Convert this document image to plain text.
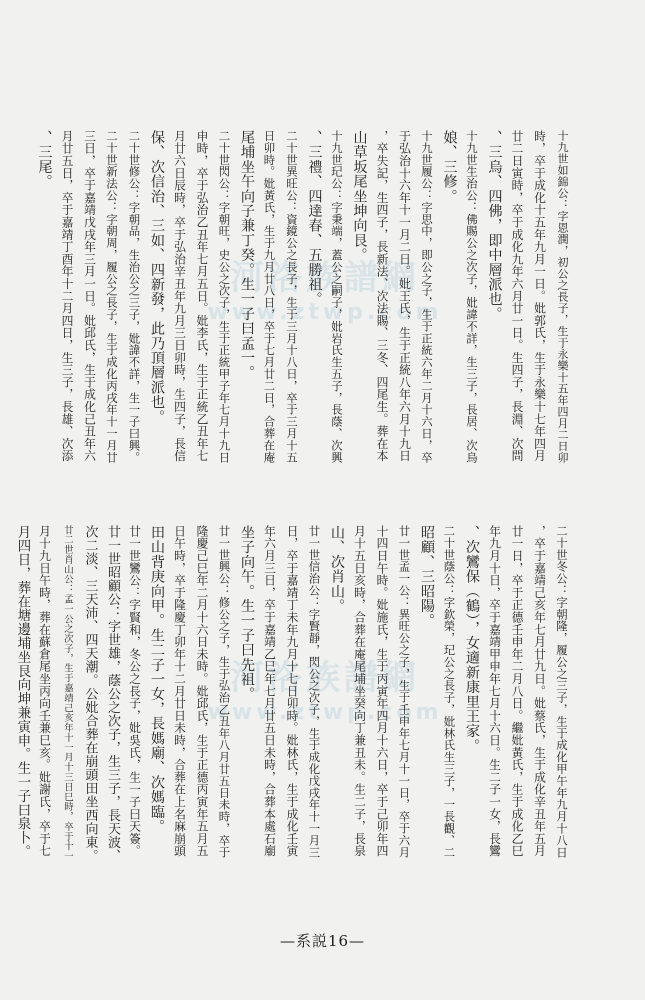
河洛族譜網
www.ztwp.com
河洛族譜網
www.ztwp.com
十九世如錦公：字恩潤，初公之長子，生于永樂十五年四月二日卯
時，卒于成化十五年九月一日。妣郭氏，生于永樂十七年四月
廿二日寅時，卒于成化九年六月廿一日。生四子，長淵、次問
、三烏、四佛，即中層派也。
十九世生治公：佛賜公之次子，妣諱不詳，生三子，長居、次烏
娘、三修。
十九世履公：字思中，即公之子，生于正統六年二月十六日，卒
于弘治十六年十一月二日。妣王氏，生于正統八年六月十九日
，卒失記，生四子，長新法、次法賜、三冬、四尾生。葬在本
山草坂尾坐坤向艮。
十九世玘公：字秉端，蓋公之嗣子，妣岩氏生五子，長蔭、次興
、三禮、四達春、五勝祖。
二十世異旺公：資鏡公之長子，生于三月十八日，卒于三月十五
日卯時。妣黃氏，生于九月廿八日，卒于七月廿二日，合葬在庵
尾埔坐午向子兼丁癸。生一子曰孟一。
二十世閃公：字朝旺，史公之次子，生于正統甲子年七月十九日
申時，卒于弘治乙丑年七月五日。妣李氏，生于正統乙丑年七
月廿六日辰時，卒于弘治辛丑年九月三日卯時，生四子，長信
保、次信治、三如、四新發，此乃頂層派也。
二十世修公：字朝品，生治公之三子，妣諱不詳，生一子曰興。
二十世新法公：字朝周，履公之長子，生于成化丙戌年十一月廿
三日，卒于嘉靖戊戌年三月一日。妣邱氏，生于成化己丑年六
月廿五日，卒于嘉靖丁酉年十二月四日，生三子，長雄、次添
、三尾。
二十世冬公：字朝隆，履公之三子，生于成化甲午年九月十八日
，卒于嘉靖己亥年七月廿九日。妣蔡氏，生于成化辛丑年五月
廿一日，卒于正德壬申年二月八日。繼妣黃氏，生于成化乙巳
年九月十日，卒于嘉靖甲申年七月十六日。生二子一女，長鸞
、次鸞保（鶴），女適新康里王家。
二十世蔭公：字欽榮，玘公之長子，妣林氏生三子，一長觀、二
昭顧、三昭陽。
廿一世孟一公：異旺公之子，生于壬申年七月十一日，卒于六月
十四日午時。妣施氏，生于丙寅年四月十六日，卒于己卯年四
月十五日亥時，合葬在庵尾埔坐癸向丁兼丑未。生二子，長泉
山、次肖山。
廿一世信治公：字賢靜，閃公之次子，生于成化戊戌年十一月三
日，卒于嘉靖丁未年九月十七日卯時。妣林氏，生于成化壬寅
年六月三日，卒于嘉靖乙巳年七月廿五日未時，合葬本處石廟
坐子向午。生一子曰先祖。
廿一世興公：修公之子，生于弘治乙丑年八月廿五日未時，卒于
隆慶己巳年二月十六日未時。妣邱氏，生于正德丙寅年五月五
日午時，卒于隆慶丁卯年十二月廿日未時，合葬在上名麻崩頭
田山背庚向甲。生二子一女，長媽廟、次媽臨。
廿一世鸞公：字賢和，冬公之長子，妣吳氏，生一子曰天簽。
廿一世昭顧公：字世雄，蔭公之次子，生三子，長天波、
次二淡、三天沛、四天潮。公妣合葬在崩頭田坐西向東。
廿二世肖山公：孟一公之次子，生于嘉靖己亥年十一月十三日巳時，卒于十一
月十九日午時，葬在蘇倉尾坐丙向壬兼巳亥。妣謝氏，卒于七
月四日，葬在塘邊埔坐艮向坤兼寅申。生一子曰泉卜。
—系説16—
